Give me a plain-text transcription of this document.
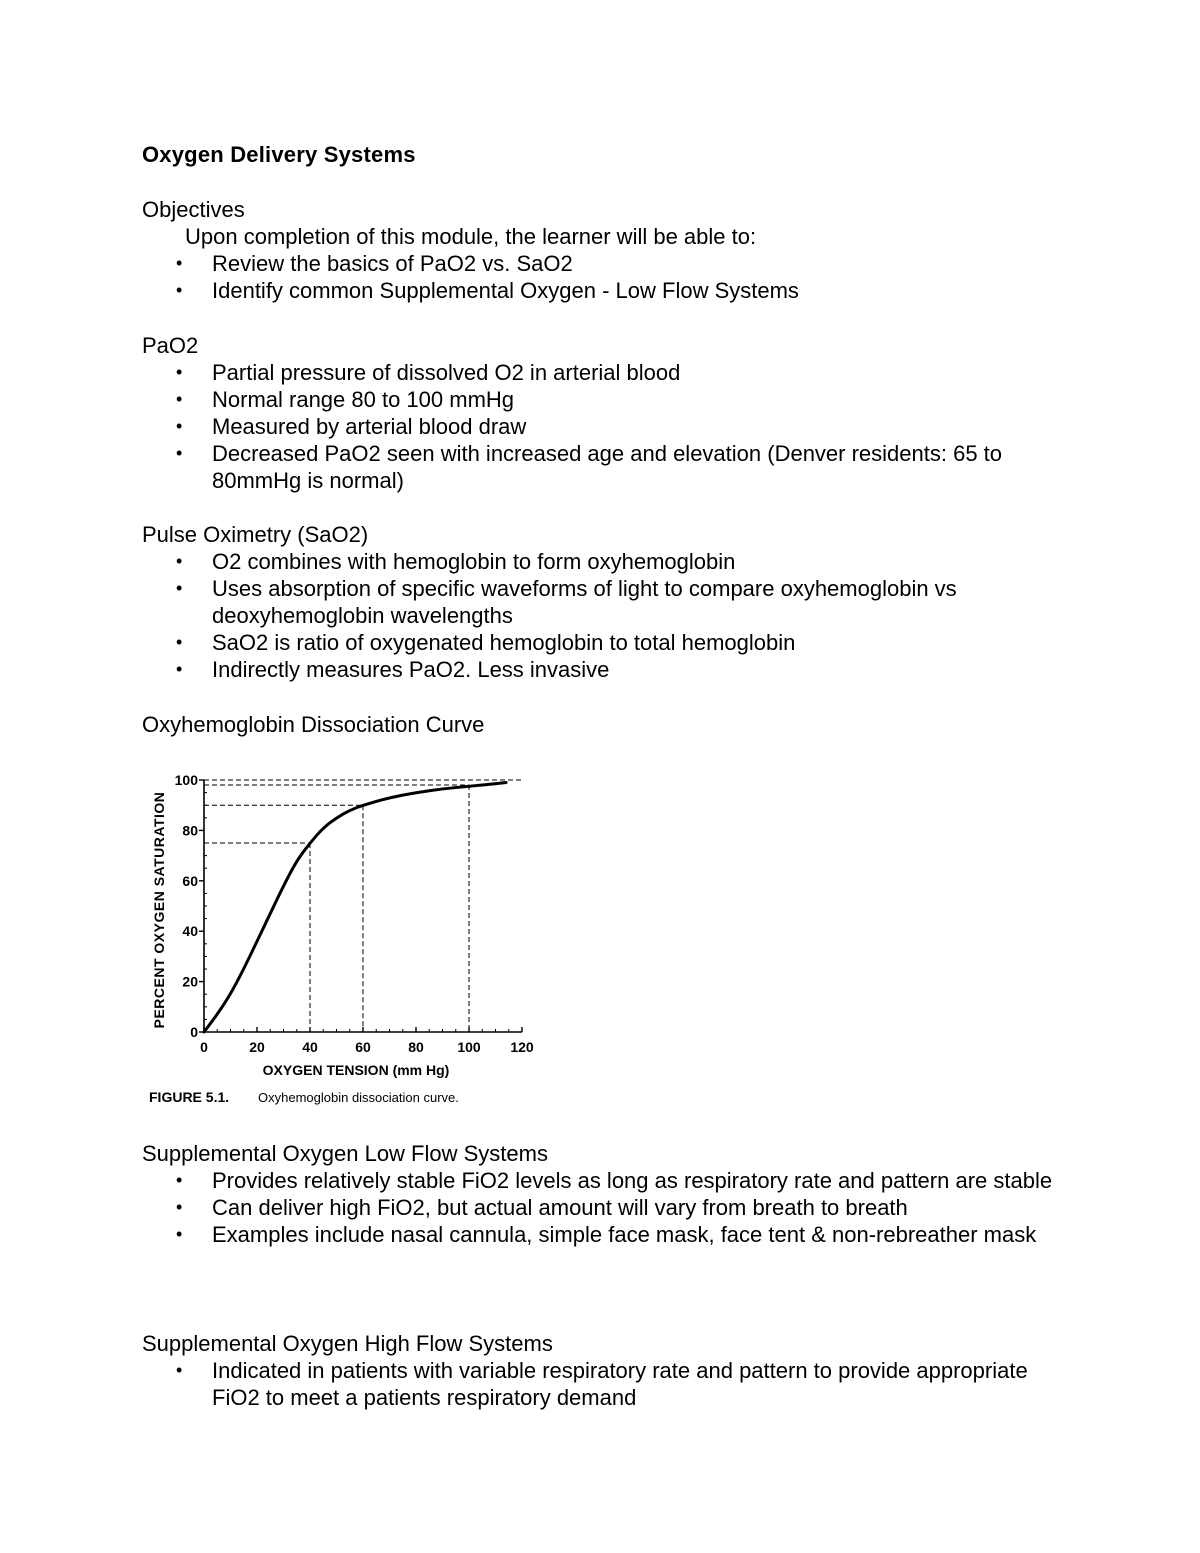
Oxygen Delivery Systems
Objectives
Upon completion of this module, the learner will be able to:
• Review the basics of PaO2 vs. SaO2
• Identify common Supplemental Oxygen - Low Flow Systems
PaO2
• Partial pressure of dissolved O2 in arterial blood
• Normal range 80 to 100 mmHg
• Measured by arterial blood draw
• Decreased PaO2 seen with increased age and elevation (Denver residents: 65 to 80mmHg is normal)
Pulse Oximetry (SaO2)
• O2 combines with hemoglobin to form oxyhemoglobin
• Uses absorption of specific waveforms of light to compare oxyhemoglobin vs deoxyhemoglobin wavelengths
• SaO2 is ratio of oxygenated hemoglobin to total hemoglobin
• Indirectly measures PaO2. Less invasive
Oxyhemoglobin Dissociation Curve
0
20
40
60
80
100
0	20	40	60	80 100 120
PERCENT OXYGEN SATURATION
OXYGEN TENSION (mm Hg)
FIGURE 5.1. Oxyhemoglobin dissociation curve.
Supplemental Oxygen Low Flow Systems
• Provides relatively stable FiO2 levels as long as respiratory rate and pattern are stable
• Can deliver high FiO2, but actual amount will vary from breath to breath
• Examples include nasal cannula, simple face mask, face tent & non-rebreather mask
Supplemental Oxygen High Flow Systems
• Indicated in patients with variable respiratory rate and pattern to provide appropriate FiO2 to meet a patients respiratory demand
